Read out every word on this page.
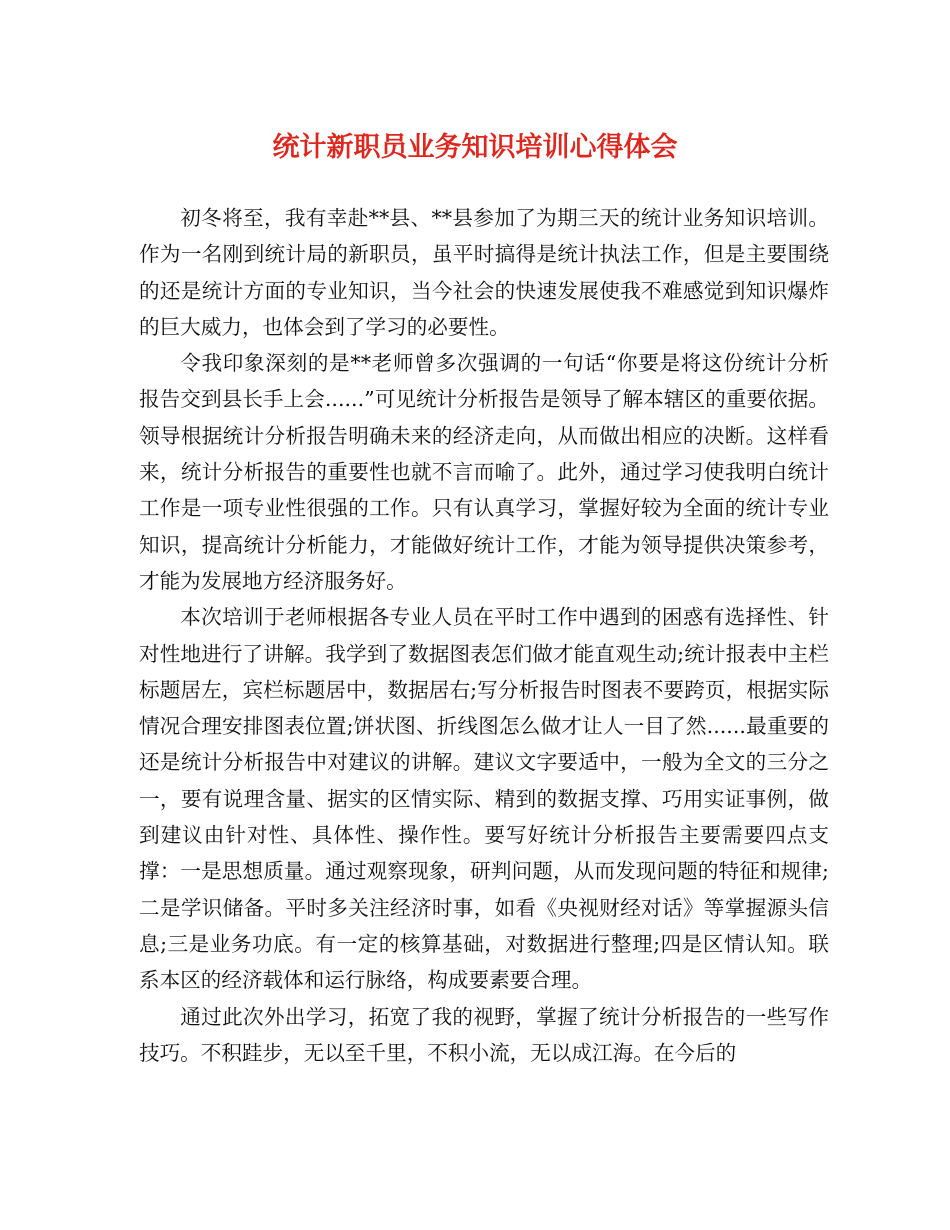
统计新职员业务知识培训心得体会

初冬将至，我有幸赴**县、**县参加了为期三天的统计业务知识培训。作为一名刚到统计局的新职员，虽平时搞得是统计执法工作，但是主要围绕的还是统计方面的专业知识，当今社会的快速发展使我不难感觉到知识爆炸的巨大威力，也体会到了学习的必要性。

令我印象深刻的是**老师曾多次强调的一句话“你要是将这份统计分析报告交到县长手上会......”可见统计分析报告是领导了解本辖区的重要依据。领导根据统计分析报告明确未来的经济走向，从而做出相应的决断。这样看来，统计分析报告的重要性也就不言而喻了。此外，通过学习使我明白统计工作是一项专业性很强的工作。只有认真学习，掌握好较为全面的统计专业知识，提高统计分析能力，才能做好统计工作，才能为领导提供决策参考，才能为发展地方经济服务好。

本次培训于老师根据各专业人员在平时工作中遇到的困惑有选择性、针对性地进行了讲解。我学到了数据图表怎们做才能直观生动;统计报表中主栏标题居左，宾栏标题居中，数据居右;写分析报告时图表不要跨页，根据实际情况合理安排图表位置;饼状图、折线图怎么做才让人一目了然......最重要的还是统计分析报告中对建议的讲解。建议文字要适中，一般为全文的三分之一，要有说理含量、据实的区情实际、精到的数据支撑、巧用实证事例，做到建议由针对性、具体性、操作性。要写好统计分析报告主要需要四点支撑：一是思想质量。通过观察现象，研判问题，从而发现问题的特征和规律;二是学识储备。平时多关注经济时事，如看《央视财经对话》等掌握源头信息;三是业务功底。有一定的核算基础，对数据进行整理;四是区情认知。联系本区的经济载体和运行脉络，构成要素要合理。

通过此次外出学习，拓宽了我的视野，掌握了统计分析报告的一些写作技巧。不积跬步，无以至千里，不积小流，无以成江海。在今后的
